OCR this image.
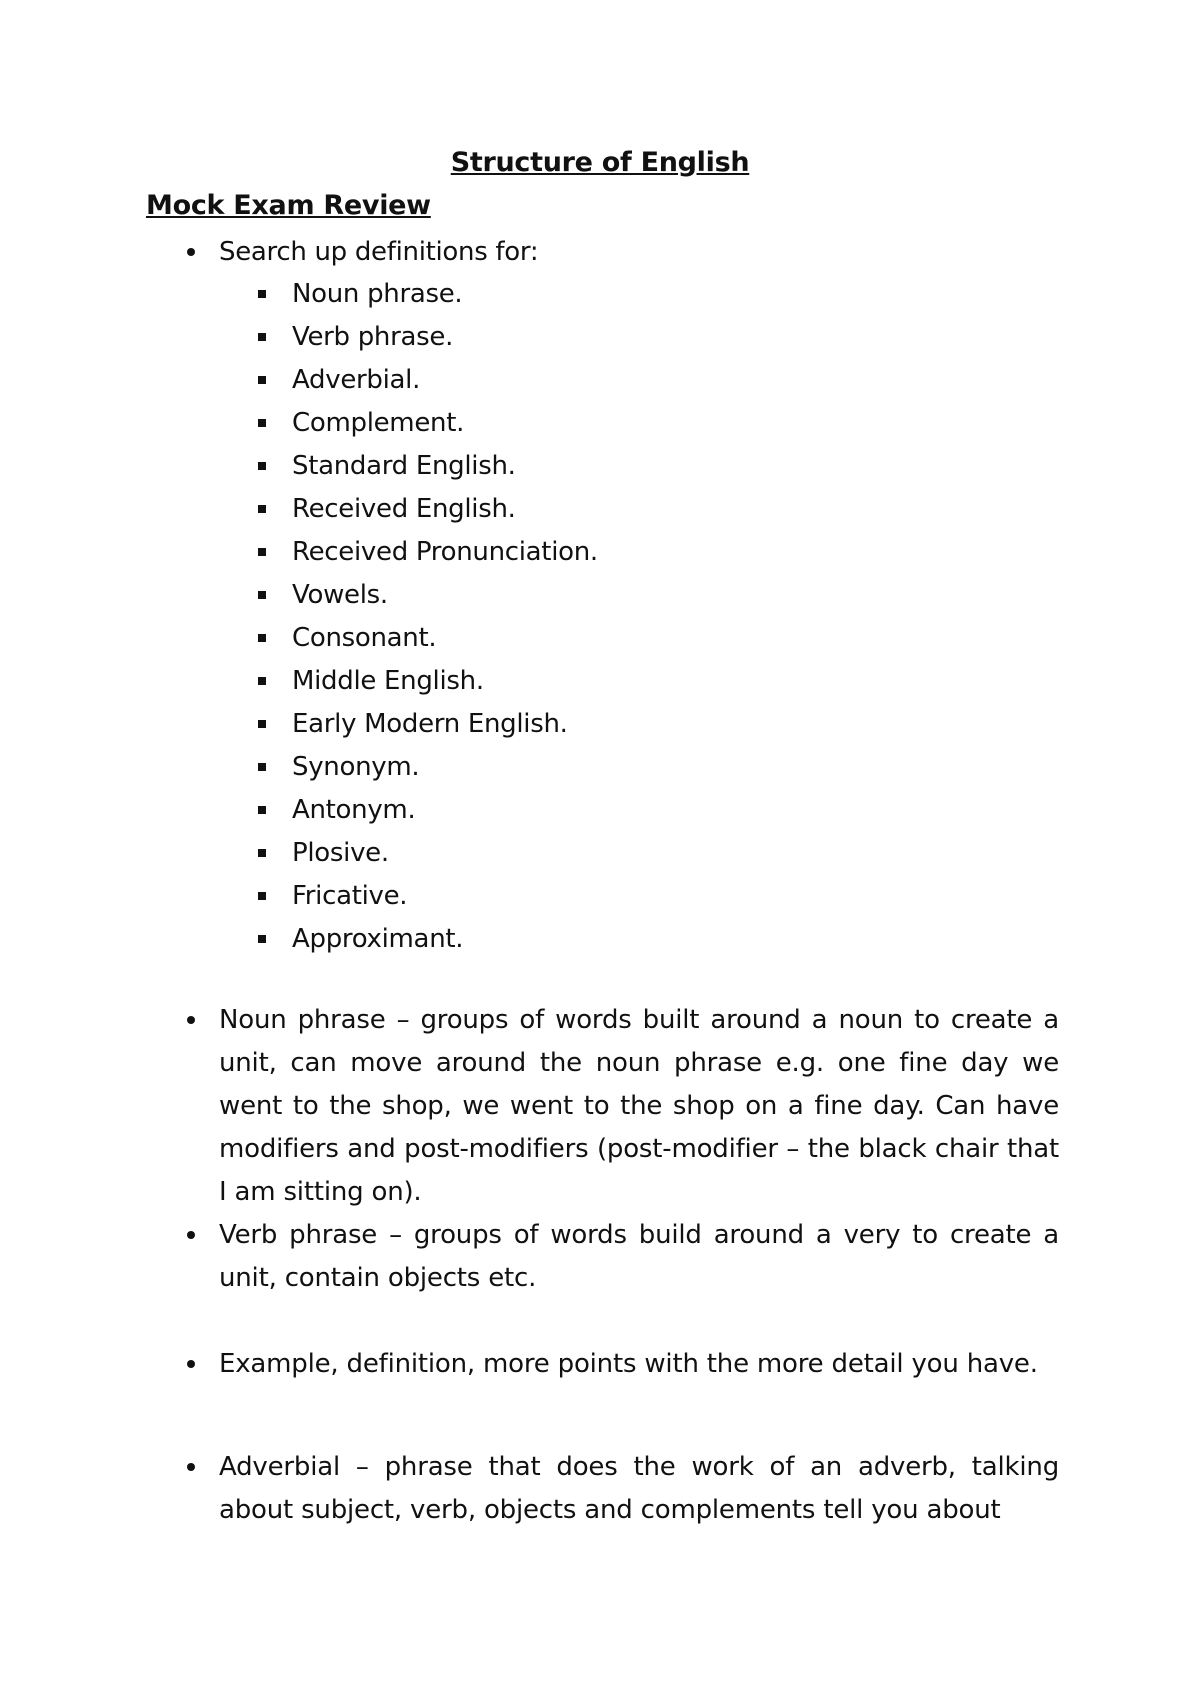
Structure of English
Mock Exam Review
Search up definitions for:
Noun phrase.
Verb phrase.
Adverbial.
Complement.
Standard English.
Received English.
Received Pronunciation.
Vowels.
Consonant.
Middle English.
Early Modern English.
Synonym.
Antonym.
Plosive.
Fricative.
Approximant.
Noun phrase – groups of words built around a noun to create a unit, can move around the noun phrase e.g. one fine day we went to the shop, we went to the shop on a fine day. Can have modifiers and post-modifiers (post-modifier – the black chair that I am sitting on).
Verb phrase – groups of words build around a very to create a unit, contain objects etc.
Example, definition, more points with the more detail you have.
Adverbial – phrase that does the work of an adverb, talking about subject, verb, objects and complements tell you about
